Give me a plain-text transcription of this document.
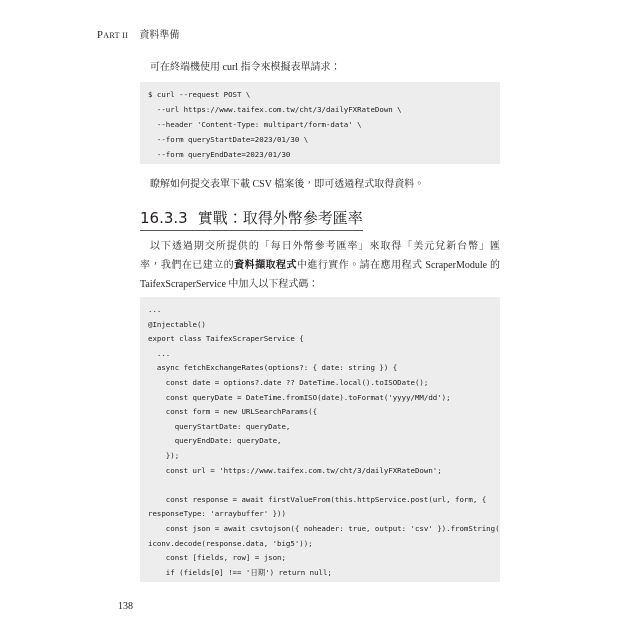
PART II 資料準備
可在終端機使用 curl 指令來模擬表單請求：
$ curl --request POST \
--url https://www.taifex.com.tw/cht/3/dailyFXRateDown \
--header 'Content-Type: multipart/form-data' \
--form queryStartDate=2023/01/30 \
--form queryEndDate=2023/01/30
瞭解如何提交表單下載 CSV 檔案後，即可透過程式取得資料。
16.3.3 實戰：取得外幣參考匯率
以下透過期交所提供的「每日外幣參考匯率」來取得「美元兌新台幣」匯
率，我們在已建立的資料擷取程式中進行實作。請在應用程式 ScraperModule 的
TaifexScraperService 中加入以下程式碼：
...
@Injectable()
export class TaifexScraperService {
...
async fetchExchangeRates(options?: { date: string }) {
const date = options?.date ?? DateTime.local().toISODate();
const queryDate = DateTime.fromISO(date).toFormat('yyyy/MM/dd');
const form = new URLSearchParams({
queryStartDate: queryDate,
queryEndDate: queryDate,
});
const url = 'https://www.taifex.com.tw/cht/3/dailyFXRateDown';
const response = await firstValueFrom(this.httpService.post(url, form, {
responseType: 'arraybuffer' }))
const json = await csvtojson({ noheader: true, output: 'csv' }).fromString(
iconv.decode(response.data, 'big5'));
const [fields, row] = json;
if (fields[0] !== '日期') return null;
138
